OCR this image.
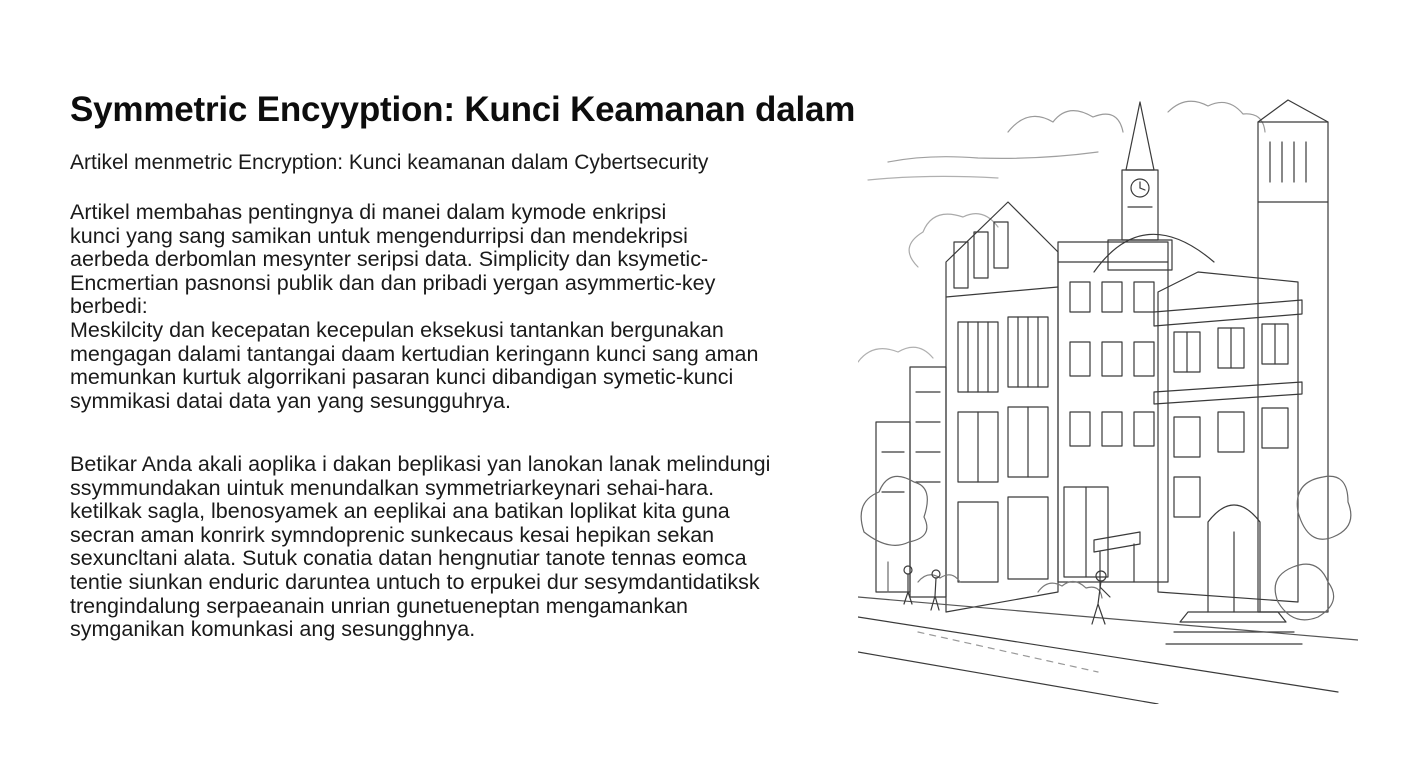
Symmetric Encyyption: Kunci Keamanan dalam

Artikel menmetric Encryption: Kunci keamanan dalam Cybertsecurity

Artikel membahas pentingnya di manei dalam kymode enkripsi
kunci yang sang samikan untuk mengendurripsi dan mendekripsi
aerbeda derbomlan mesynter seripsi data. Simplicity dan ksymetic-
Encmertian pasnonsi publik dan dan pribadi yergan asymmertic-key
berbedi:
Meskilcity dan kecepatan kecepulan eksekusi tantankan bergunakan
mengagan dalami tantangai daam kertudian keringann kunci sang aman
memunkan kurtuk algorrikani pasaran kunci dibandigan symetic-kunci
symmikasi datai data yan yang sesungguhrya.
Betikar Anda akali aoplika i dakan beplikasi yan lanokan lanak melindungi
ssymmundakan uintuk menundalkan symmetriarkeynari sehai-hara.
ketilkak sagla, lbenosyamek an eeplikai ana batikan loplikat kita guna
secran aman konrirk symndoprenic sunkecaus kesai hepikan sekan
sexuncltani alata. Sutuk conatia datan hengnutiar tanote tennas eomca
tentie siunkan enduric daruntea untuch to erpukei dur sesymdantidatiksk
trengindalung serpaeanain unrian gunetueneptan mengamankan
symganikan komunkasi ang sesungghnya.
